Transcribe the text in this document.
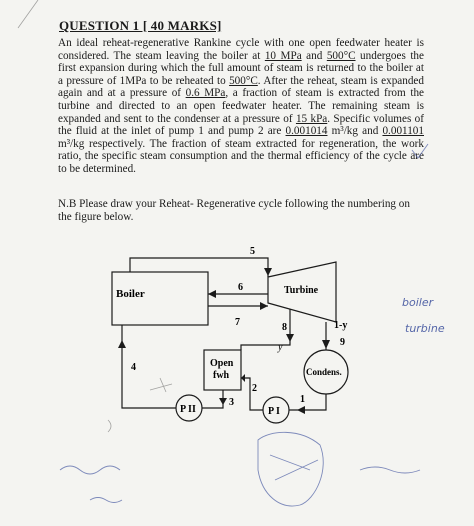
QUESTION 1 [ 40 MARKS]
An ideal reheat-regenerative Rankine cycle with one open feedwater heater is considered. The steam leaving the boiler at 10 MPa and 500°C undergoes the first expansion during which the full amount of steam is returned to the boiler at a pressure of 1MPa to be reheated to 500°C. After the reheat, steam is expanded again and at a pressure of 0.6 MPa, a fraction of steam is extracted from the turbine and directed to an open feedwater heater. The remaining steam is expanded and sent to the condenser at a pressure of 15 kPa. Specific volumes of the fluid at the inlet of pump 1 and pump 2 are 0.001014 m³/kg and 0.001101 m³/kg respectively. The fraction of steam extracted for regeneration, the work ratio, the specific steam consumption and the thermal efficiency of the cycle are to be determined.
N.B Please draw your Reheat- Regenerative cycle following the numbering on the figure below.
Boiler	Turbine
Open
fwh	Condens.
P II	P I
y
1-y
5
6
7	8
9
1
2
3
4
boiler
turbine
